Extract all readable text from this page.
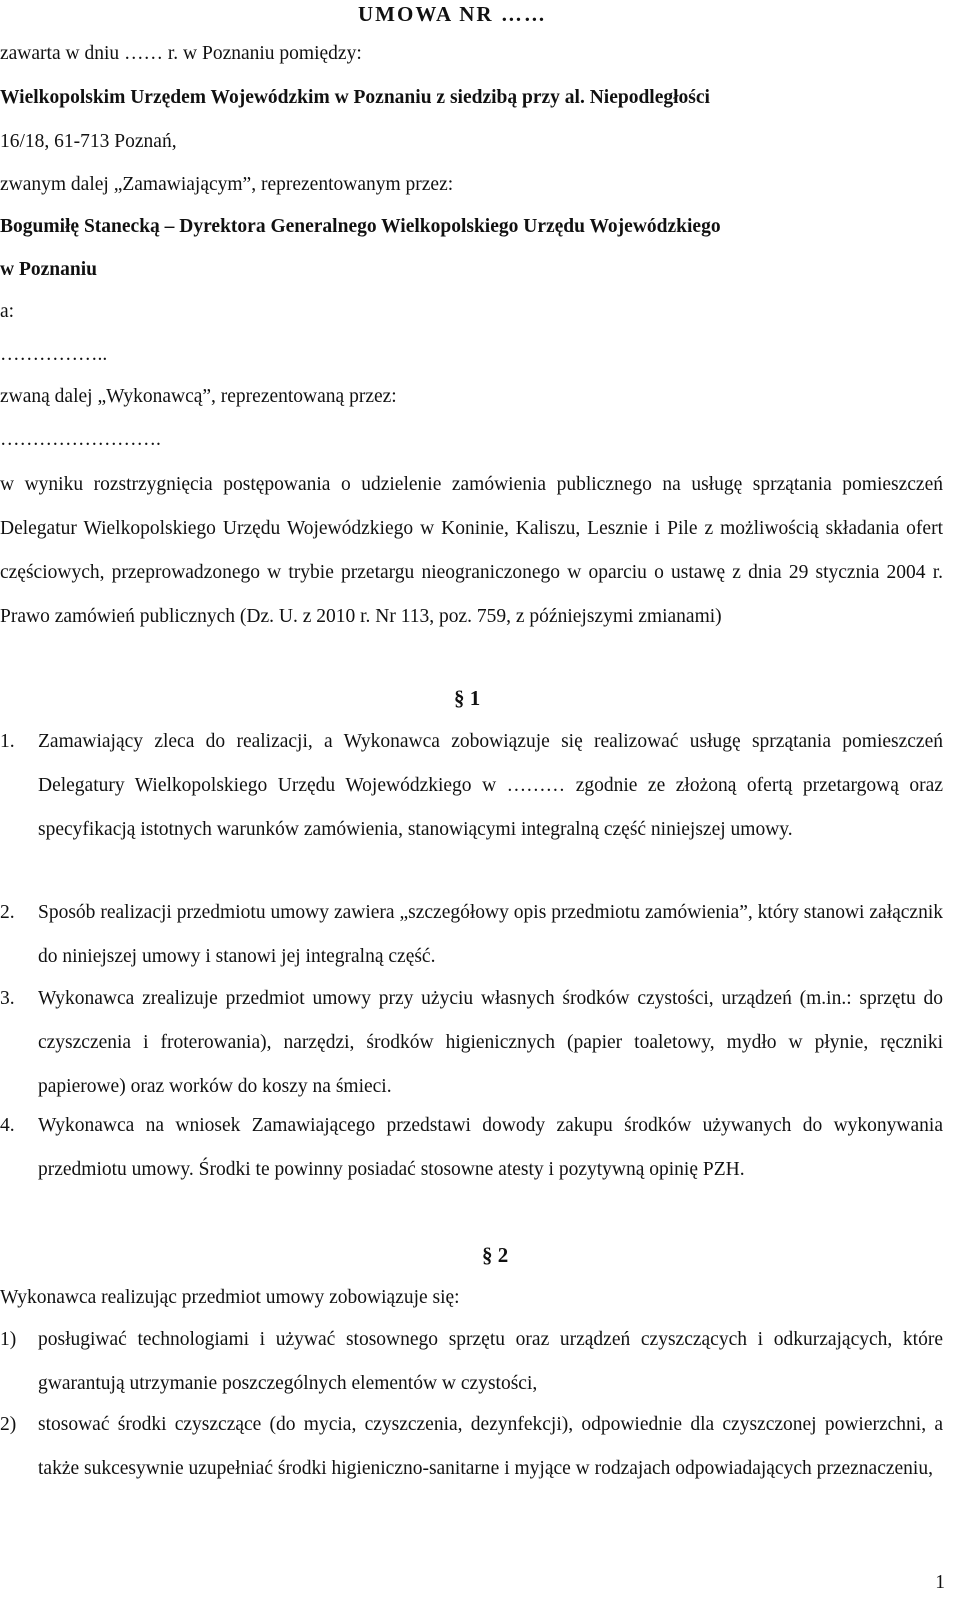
UMOWA NR ……
zawarta w dniu …… r. w Poznaniu pomiędzy:
Wielkopolskim Urzędem Wojewódzkim w Poznaniu z siedzibą przy al. Niepodległości
16/18, 61-713 Poznań,
zwanym dalej „Zamawiającym”, reprezentowanym przez:
Bogumiłę Stanecką – Dyrektora Generalnego Wielkopolskiego Urzędu Wojewódzkiego
w Poznaniu
a:
……………..
zwaną dalej „Wykonawcą”, reprezentowaną przez:
…………………….
w wyniku rozstrzygnięcia postępowania o udzielenie zamówienia publicznego na usługę sprzątania pomieszczeń Delegatur Wielkopolskiego Urzędu Wojewódzkiego w Koninie, Kaliszu, Lesznie i Pile z możliwością składania ofert częściowych, przeprowadzonego w trybie przetargu nieograniczonego w oparciu o ustawę z dnia 29 stycznia 2004 r. Prawo zamówień publicznych (Dz. U. z 2010 r. Nr 113, poz. 759, z późniejszymi zmianami)
§ 1
1. Zamawiający zleca do realizacji, a Wykonawca zobowiązuje się realizować usługę sprzątania pomieszczeń Delegatury Wielkopolskiego Urzędu Wojewódzkiego w ……… zgodnie ze złożoną ofertą przetargową oraz specyfikacją istotnych warunków zamówienia, stanowiącymi integralną część niniejszej umowy.
2. Sposób realizacji przedmiotu umowy zawiera „szczegółowy opis przedmiotu zamówienia”, który stanowi załącznik do niniejszej umowy i stanowi jej integralną część.
3. Wykonawca zrealizuje przedmiot umowy przy użyciu własnych środków czystości, urządzeń (m.in.: sprzętu do czyszczenia i froterowania), narzędzi, środków higienicznych (papier toaletowy, mydło w płynie, ręczniki papierowe) oraz worków do koszy na śmieci.
4. Wykonawca na wniosek Zamawiającego przedstawi dowody zakupu środków używanych do wykonywania przedmiotu umowy. Środki te powinny posiadać stosowne atesty i pozytywną opinię PZH.
§ 2
Wykonawca realizując przedmiot umowy zobowiązuje się:
1) posługiwać technologiami i używać stosownego sprzętu oraz urządzeń czyszczących i odkurzających, które gwarantują utrzymanie poszczególnych elementów w czystości,
2) stosować środki czyszczące (do mycia, czyszczenia, dezynfekcji), odpowiednie dla czyszczonej powierzchni, a także sukcesywnie uzupełniać środki higieniczno-sanitarne i myjące w rodzajach odpowiadających przeznaczeniu,
1
